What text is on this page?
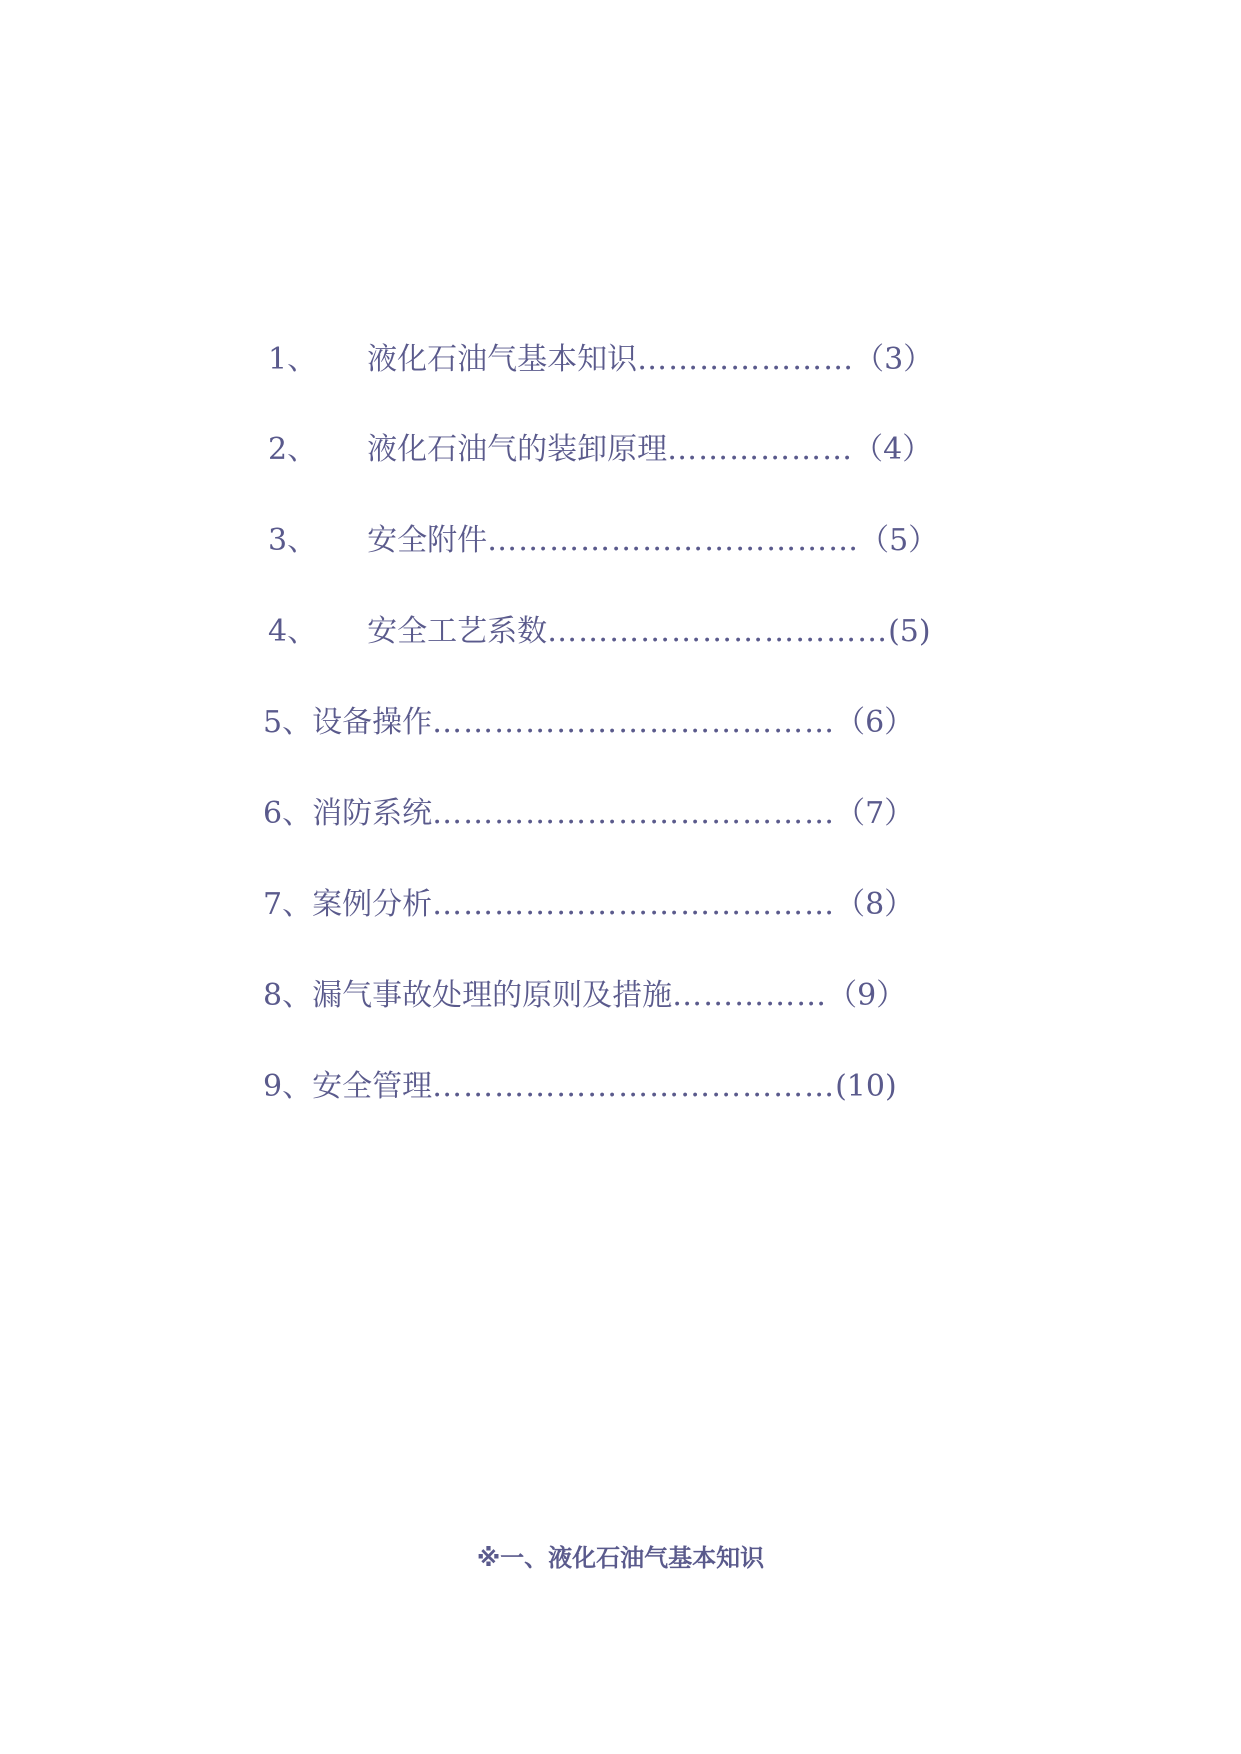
1、 液化石油气基本知识 ………………… （3）
2、 液化石油气的装卸原理 ……………… （4）
3、 安全附件 ……………………………… （5）
4、 安全工艺系数 …………………………… (5)
5、 设备操作 ………………………………… （6）
6、 消防系统 ………………………………… （7）
7、 案例分析 ………………………………… （8）
8、 漏气事故处理的原则及措施 …………… （9）
9、 安全管理 ………………………………… (10)
※一、液化石油气基本知识
